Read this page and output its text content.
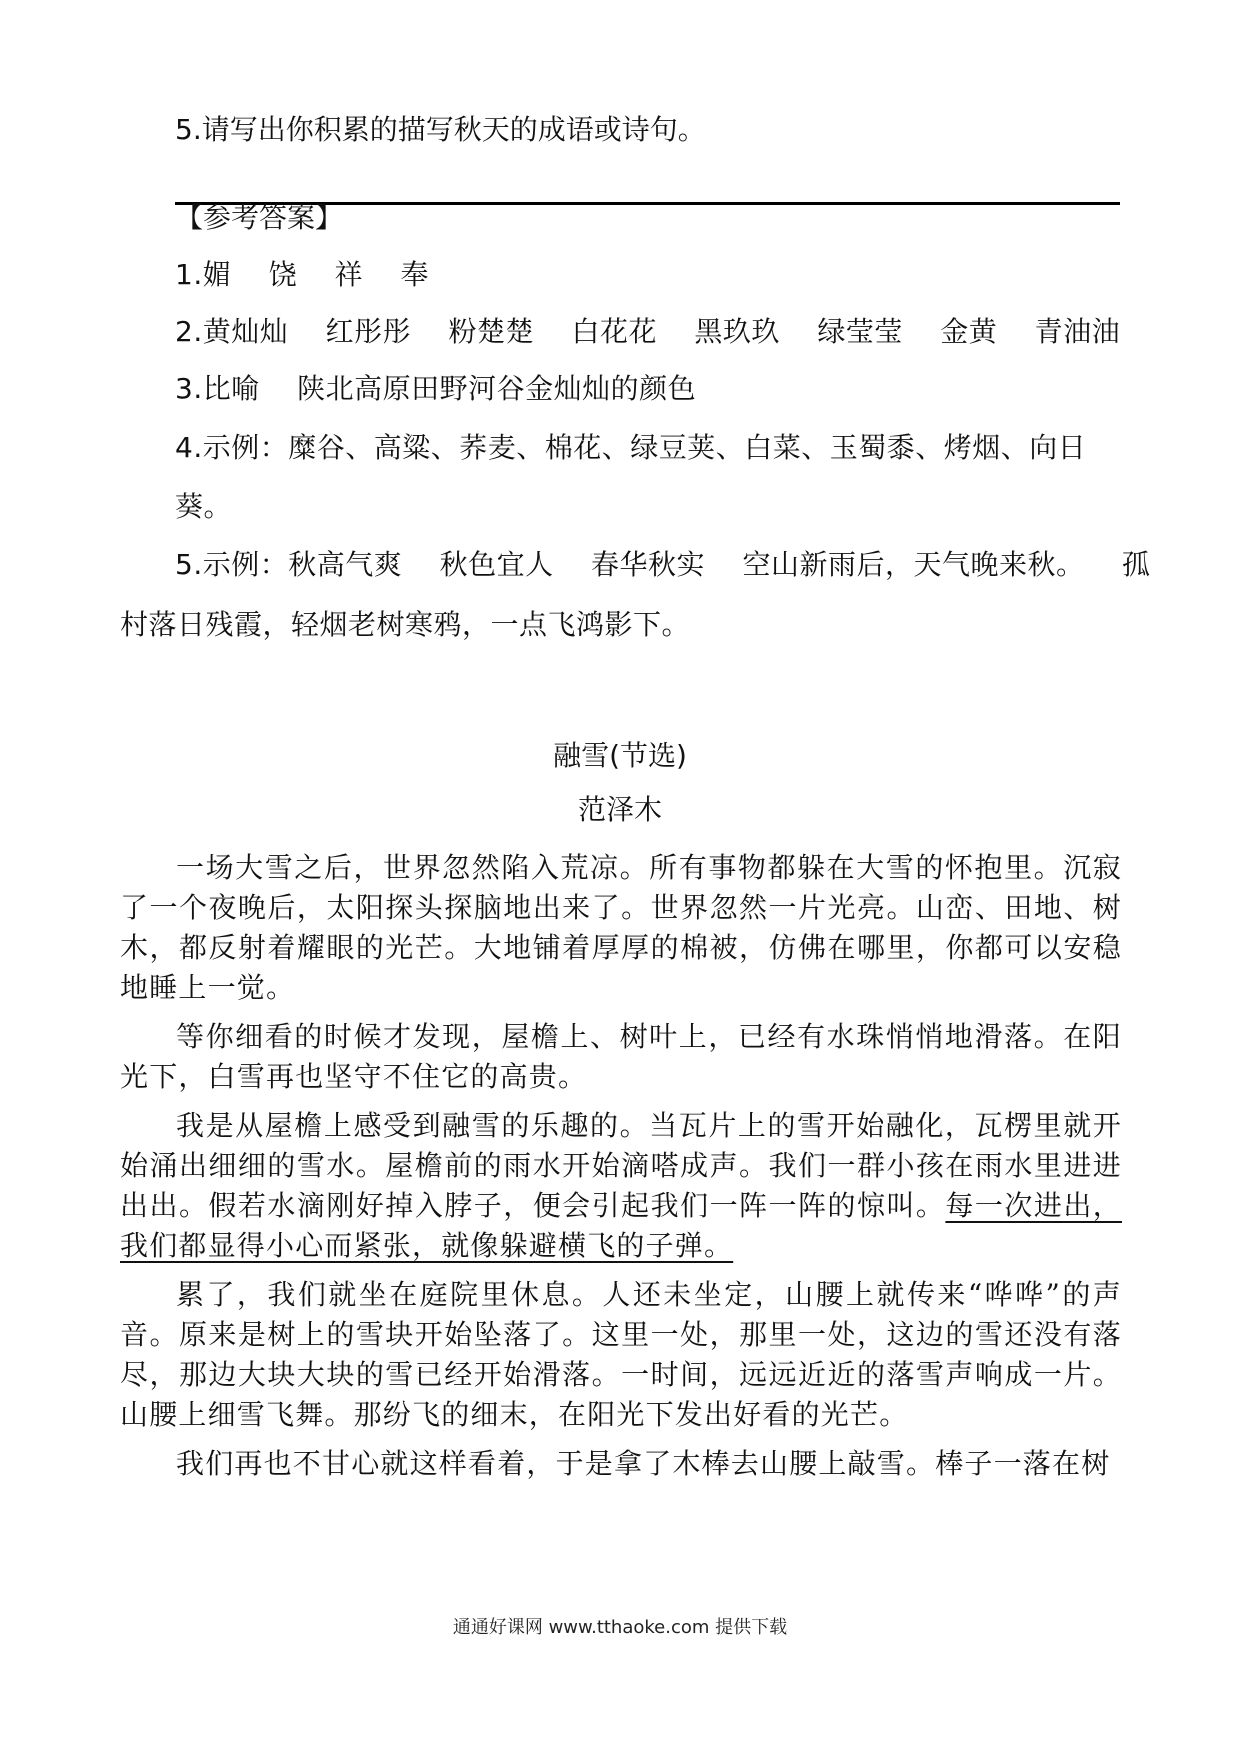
5.请写出你积累的描写秋天的成语或诗句。
【参考答案】
1.媚 饶 祥 奉
2.黄灿灿 红彤彤 粉楚楚 白花花 黑玖玖 绿莹莹 金黄 青油油
3.比喻 陕北高原田野河谷金灿灿的颜色
4.示例：糜谷、高粱、荞麦、棉花、绿豆荚、白菜、玉蜀黍、烤烟、向日
葵。
5.示例：秋高气爽 秋色宜人 春华秋实 空山新雨后，天气晚来秋。 孤
村落日残霞，轻烟老树寒鸦，一点飞鸿影下。
融雪(节选)
范泽木

一场大雪之后，世界忽然陷入荒凉。所有事物都躲在大雪的怀抱里。沉寂了一个夜晚后，太阳探头探脑地出来了。世界忽然一片光亮。山峦、田地、树木，都反射着耀眼的光芒。大地铺着厚厚的棉被，仿佛在哪里，你都可以安稳地睡上一觉。

等你细看的时候才发现，屋檐上、树叶上，已经有水珠悄悄地滑落。在阳光下，白雪再也坚守不住它的高贵。

我是从屋檐上感受到融雪的乐趣的。当瓦片上的雪开始融化，瓦楞里就开始涌出细细的雪水。屋檐前的雨水开始滴嗒成声。我们一群小孩在雨水里进进出出。假若水滴刚好掉入脖子，便会引起我们一阵一阵的惊叫。每一次进出，我们都显得小心而紧张，就像躲避横飞的子弹。

累了，我们就坐在庭院里休息。人还未坐定，山腰上就传来“哗哗”的声音。原来是树上的雪块开始坠落了。这里一处，那里一处，这边的雪还没有落尽，那边大块大块的雪已经开始滑落。一时间，远远近近的落雪声响成一片。山腰上细雪飞舞。那纷飞的细末，在阳光下发出好看的光芒。

我们再也不甘心就这样看着，于是拿了木棒去山腰上敲雪。棒子一落在树

通通好课网 www.tthaoke.com 提供下载
